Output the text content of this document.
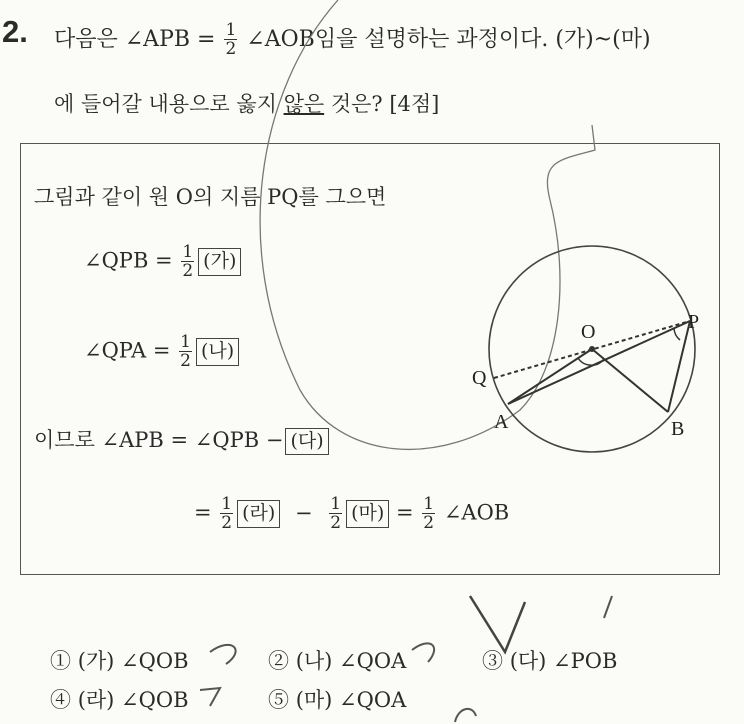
2. 다음은 ∠APB = $\frac{1}{2}$ ∠AOB임을 설명하는 과정이다. (가)~(마)
에 들어갈 내용으로 옳지 않은 것은? [4점]
그림과 같이 원 O의 지름 PQ를 그으면
∠QPB = $\frac{1}{2}$ (가)
∠QPA = $\frac{1}{2}$ (나)
이므로 ∠APB = ∠QPB − (다)
= $\frac{1}{2}$ (라) − $\frac{1}{2}$ (마) = $\frac{1}{2}$ ∠AOB
O	P
Q
A	B
① (가) ∠QOB	② (나) ∠QOA	③ (다) ∠POB
④ (라) ∠QOB	⑤ (마) ∠QOA
